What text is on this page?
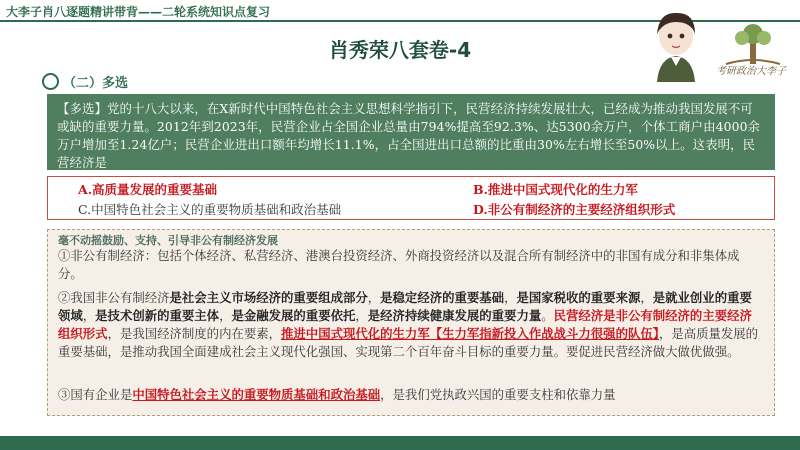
大李子肖八逐题精讲带背——二轮系统知识点复习
肖秀荣八套卷-4
（二）多选
考研政治大李子
【多选】党的十八大以来，在X新时代中国特色社会主义思想科学指引下，民营经济持续发展壮大，已经成为推动我国发展不可或缺的重要力量。2012年到2023年，民营企业占全国企业总量由794%提高至92.3%、达5300余万户，个体工商户由4000余万户增加至1.24亿户；民营企业进出口额年均增长11.1%，占全国进出口总额的比重由30%左右增长至50%以上。这表明，民营经济是
A.高质量发展的重要基础	B.推进中国式现代化的生力军
C.中国特色社会主义的重要物质基础和政治基础	D.非公有制经济的主要经济组织形式
毫不动摇鼓励、支持、引导非公有制经济发展
①非公有制经济：包括个体经济、私营经济、港澳台投资经济、外商投资经济以及混合所有制经济中的非国有成分和非集体成分。
②我国非公有制经济是社会主义市场经济的重要组成部分，是稳定经济的重要基础，是国家税收的重要来源，是就业创业的重要领域，是技术创新的重要主体，是金融发展的重要依托，是经济持续健康发展的重要力量。民营经济是非公有制经济的主要经济组织形式，是我国经济制度的内在要素，推进中国式现代化的生力军【生力军指新投入作战战斗力很强的队伍】，是高质量发展的重要基础，是推动我国全面建成社会主义现代化强国、实现第二个百年奋斗目标的重要力量。要促进民营经济做大做优做强。
③国有企业是中国特色社会主义的重要物质基础和政治基础，是我们党执政兴国的重要支柱和依靠力量
